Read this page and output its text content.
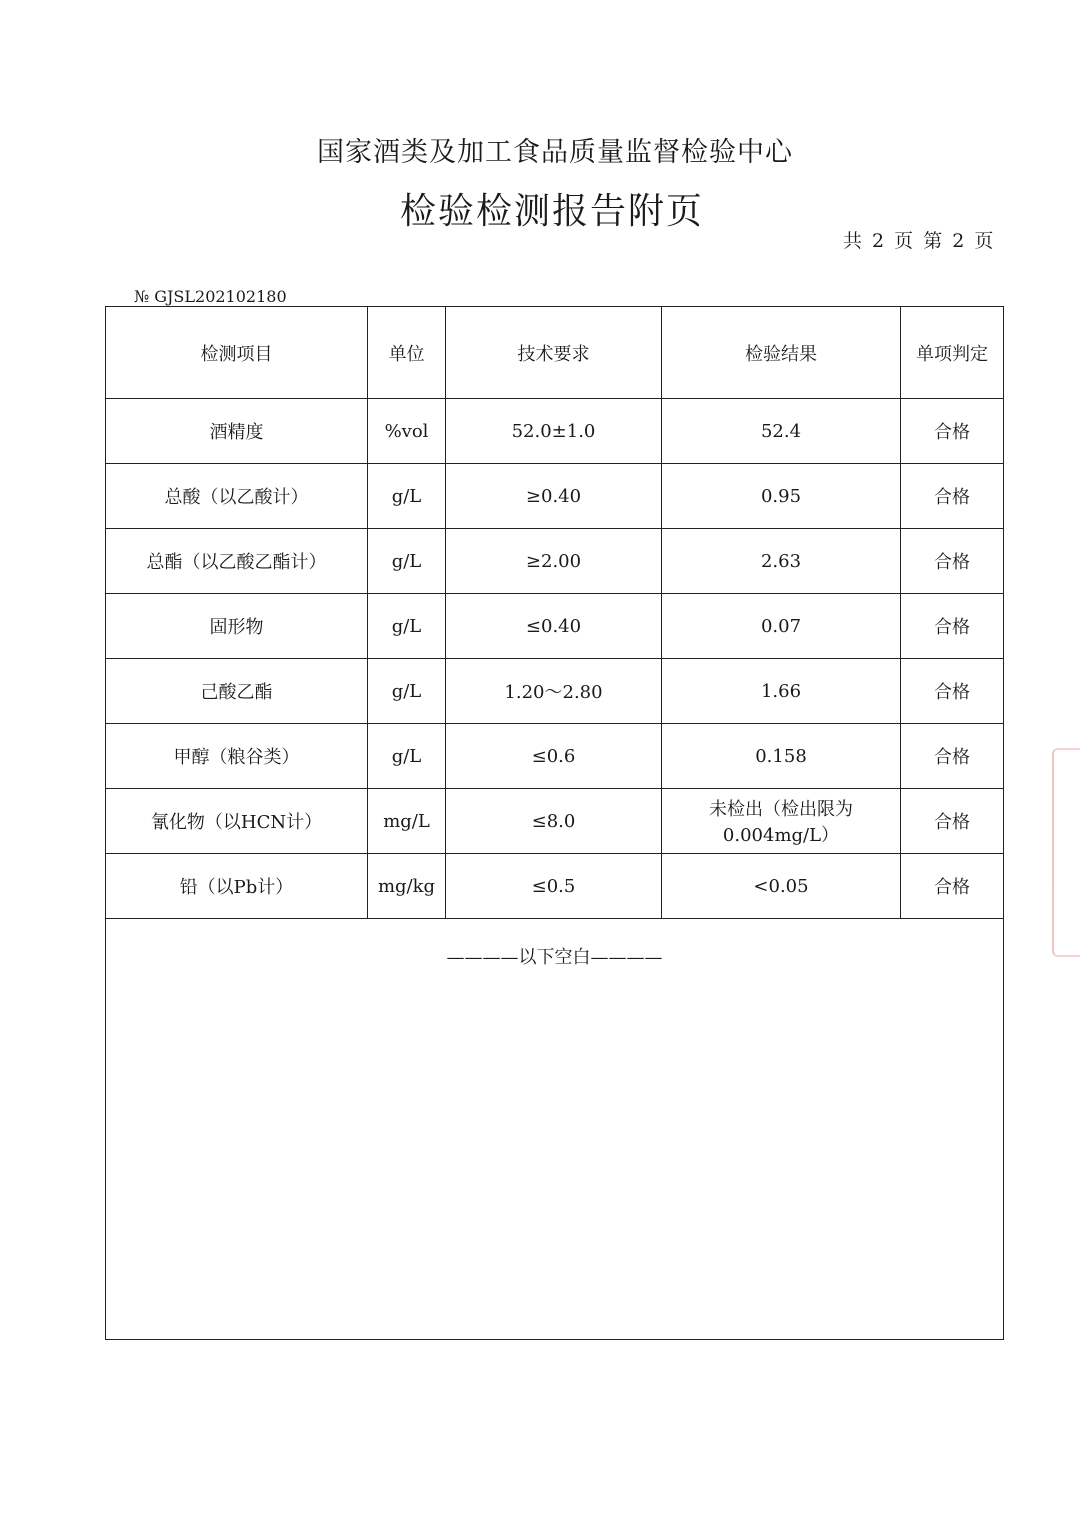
国家酒类及加工食品质量监督检验中心
检验检测报告附页
共 2 页 第 2 页
№ GJSL202102180
检测项目	单位	技术要求	检验结果	单项判定
酒精度	%vol	52.0±1.0	52.4	合格
总酸（以乙酸计）	g/L	≥0.40	0.95	合格
总酯（以乙酸乙酯计）	g/L	≥2.00	2.63	合格
固形物	g/L	≤0.40	0.07	合格
己酸乙酯	g/L	1.20～2.80	1.66	合格
甲醇（粮谷类）	g/L	≤0.6	0.158	合格
氰化物（以HCN计）	mg/L	≤8.0	未检出（检出限为0.004mg/L）	合格
铅（以Pb计）	mg/kg	≤0.5	<0.05	合格
————以下空白————				
